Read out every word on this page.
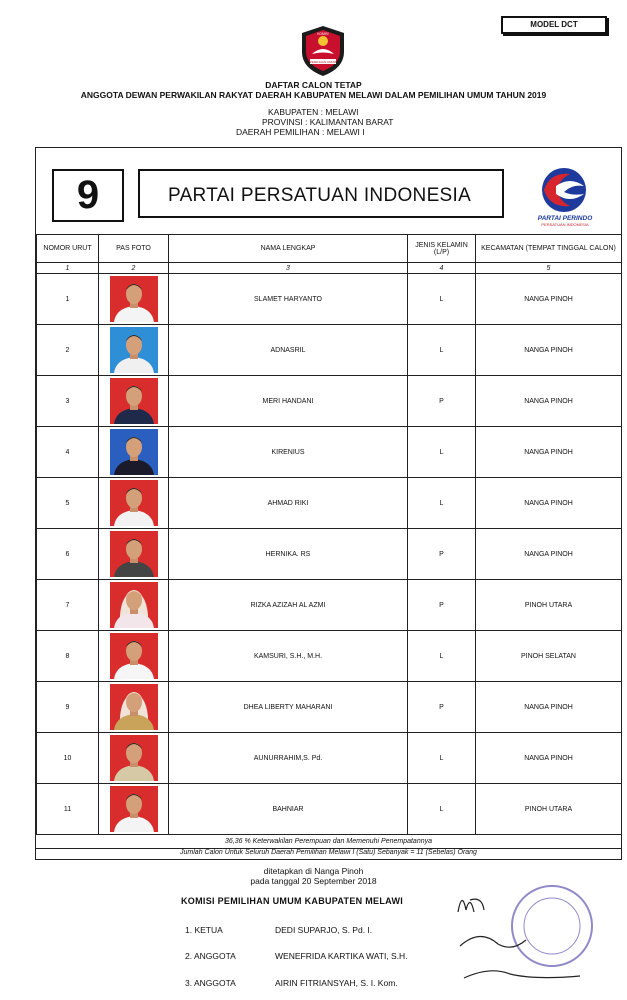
MODEL DCT
KOMISI
PEMILIHAN UMUM
DAFTAR CALON TETAP
ANGGOTA DEWAN PERWAKILAN RAKYAT DAERAH KABUPATEN MELAWI DALAM PEMILIHAN UMUM TAHUN 2019
KABUPATEN : MELAWI
PROVINSI : KALIMANTAN BARAT
DAERAH PEMILIHAN : MELAWI I
9	PARTAI PERSATUAN INDONESIA
PARTAI PERINDO
PERSATUAN INDONESIA
NOMOR URUT	PAS FOTO	NAMA LENGKAP	JENIS KELAMIN (L/P)	KECAMATAN (TEMPAT TINGGAL CALON)
1	2	3	4	5
1		SLAMET HARYANTO	L	NANGA PINOH
2		ADNASRIL	L	NANGA PINOH
3		MERI HANDANI	P	NANGA PINOH
4		KIRENIUS	L	NANGA PINOH
5		AHMAD RIKI	L	NANGA PINOH
6		HERNIKA. RS	P	NANGA PINOH
7		RIZKA AZIZAH AL AZMI	P	PINOH UTARA
8		KAMSURI, S.H., M.H.	L	PINOH SELATAN
9		DHEA LIBERTY MAHARANI	P	NANGA PINOH
10		AUNURRAHIM,S. Pd.	L	NANGA PINOH
11		BAHNIAR	L	PINOH UTARA
36,36 % Keterwakilan Perempuan dan Memenuhi Penempatannya
Jumlah Calon Untuk Seluruh Daerah Pemilihan Melawi I (Satu) Sebanyak = 11 (Sebelas) Orang
ditetapkan di Nanga Pinoh
pada tanggal 20 September 2018
KOMISI PEMILIHAN UMUM KABUPATEN MELAWI
1. KETUA	DEDI SUPARJO, S. Pd. I.
2. ANGGOTA	WENEFRIDA KARTIKA WATI, S.H.
3. ANGGOTA	AIRIN FITRIANSYAH, S. I. Kom.
